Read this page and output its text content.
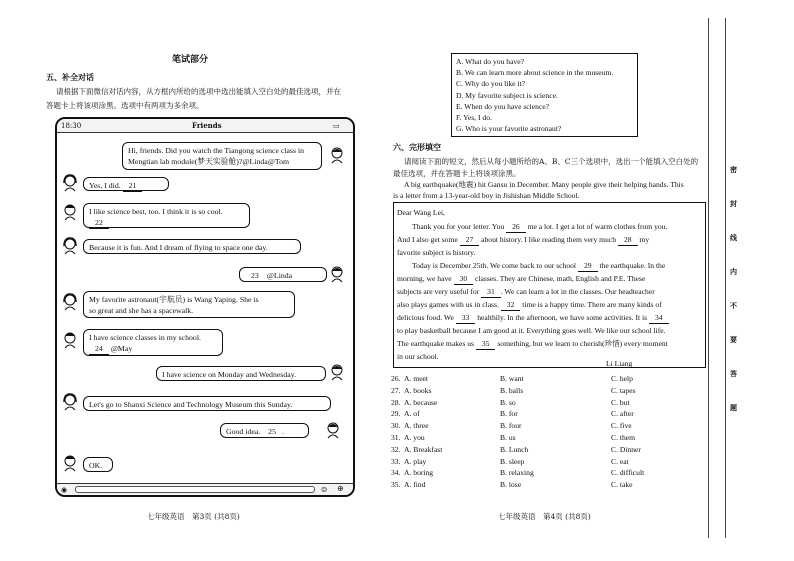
笔试部分
五、补全对话
请根据下面微信对话内容，从方框内所给的选项中选出能填入空白处的最佳选项，并在
答题卡上将该项涂黑。选项中有两项为多余项。
18:30	Friends	▭
Hi, friends. Did you watch the Tiangong science class in
Mengtian lab module(梦天实验舱)?@Linda@Tom
Yes, I did. 21
I like science best, too. I think it is so cool.
22
Because it is fun. And I dream of flying to space one day.
23 @Linda
My favorite astronaut(宇航员) is Wang Yaping. She is
so great and she has a spacewalk.
I have science classes in my school.
24 @May
I have science on Monday and Wednesday.
Let's go to Shanxi Science and Technology Museum this Sunday.
Good idea. 25 .
OK.
◉	☺ ⊕
七年级英语　第3页 (共8页)
A. What do you have?
B. We can learn more about science in the museum.
C. Why do you like it?
D. My favorite subject is science.
E. When do you have science?
F. Yes, I do.
G. Who is your favorite astronaut?
六、完形填空
请阅读下面的短文，然后从每小题所给的A、B、C三个选项中，选出一个能填入空白处的
最佳选项，并在答题卡上将该项涂黑。
A big earthquake(地震) hit Gansu in December. Many people give their helping hands. This
is a letter from a 13-year-old boy in Jishishan Middle School.
Dear Wang Lei,
Thank you for your letter. You 26 me a lot. I get a lot of warm clothes from you.
And I also get some 27 about history. I like reading them very much 28 my
favorite subject is history.
Today is December 25th. We come back to our school 29 the earthquake. In the
morning, we have 30 classes. They are Chinese, math, English and P.E. These
subjects are very useful for 31 . We can learn a lot in the classes. Our headteacher
also plays games with us in class. 32 time is a happy time. There are many kinds of
delicious food. We 33 healthily. In the afternoon, we have some activities. It is 34
to play basketball because I am good at it. Everything goes well. We like our school life.
The earthquake makes us 35 something, but we learn to cherish(珍惜) every moment
in our school.
Li Liang
26. A. meet	B. want	C. help
27. A. books	B. balls	C. tapes
28. A. because	B. so	C. but
29. A. of	B. for	C. after
30. A. three	B. four	C. five
31. A. you	B. us	C. them
32. A. Breakfast	B. Lunch	C. Dinner
33. A. play	B. sleep	C. eat
34. A. boring	B. relaxing	C. difficult
35. A. find	B. lose	C. take
七年级英语　第4页 (共8页)
密
封
线
内
不
要
答
题
